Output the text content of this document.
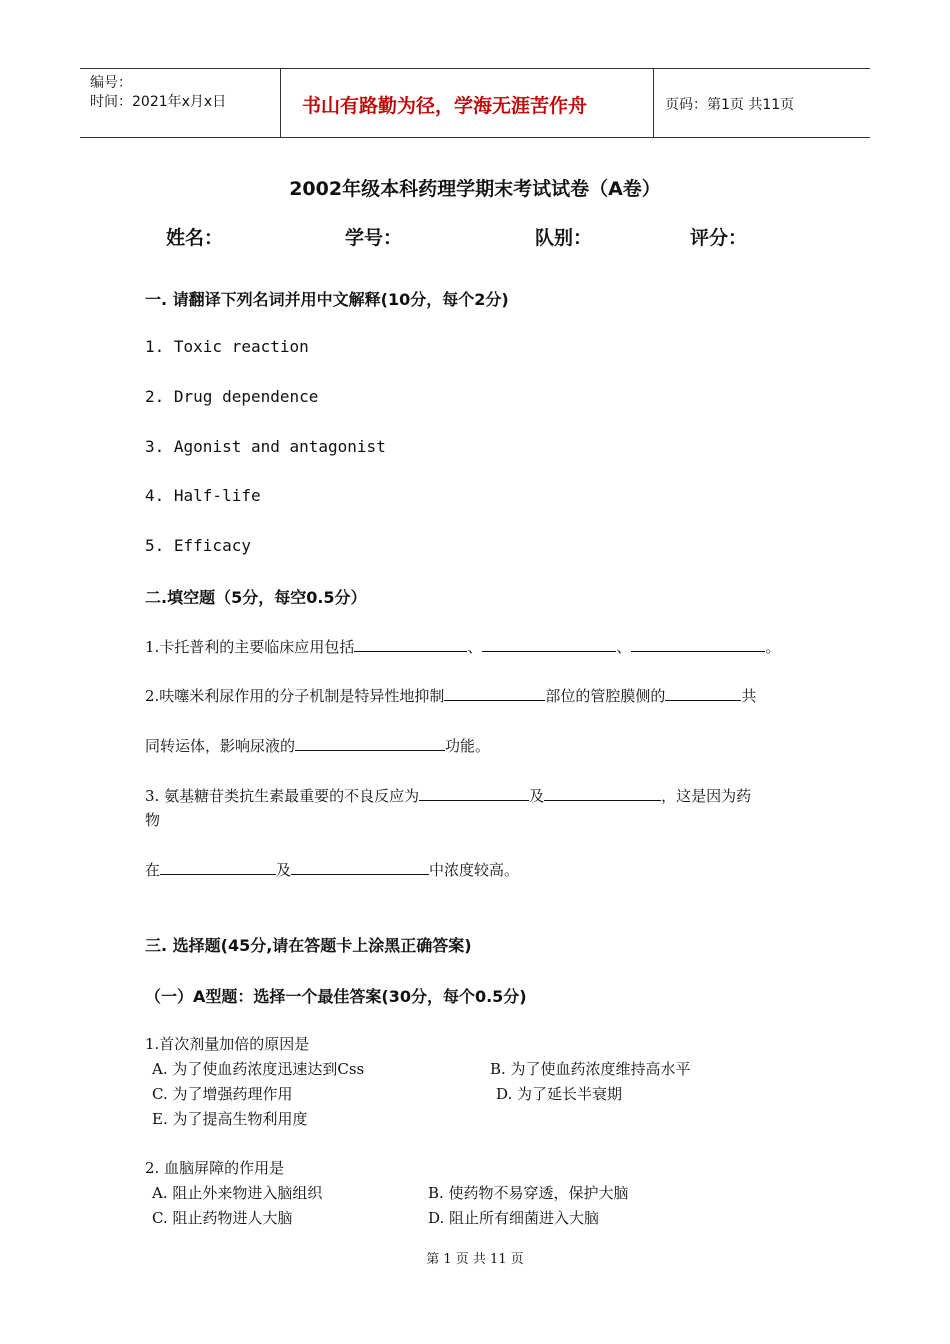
编号：
时间：2021年x月x日	书山有路勤为径，学海无涯苦作舟	页码：第1页 共11页
2002年级本科药理学期末考试试卷（A卷）
姓名：	学号：	队别：	评分：
一. 请翻译下列名词并用中文解释(10分，每个2分)
1. Toxic reaction
2. Drug dependence
3. Agonist and antagonist
4. Half-life
5. Efficacy
二.填空题（5分，每空0.5分）
1.卡托普利的主要临床应用包括	、	、	。
2.呋噻米利尿作用的分子机制是特异性地抑制	部位的管腔膜侧的	共
同转运体，影响尿液的	功能。
3. 氨基糖苷类抗生素最重要的不良反应为	及	，这是因为药
物
在	及	中浓度较高。
三. 选择题(45分,请在答题卡上涂黑正确答案)
（一）A型题：选择一个最佳答案(30分，每个0.5分)
1.首次剂量加倍的原因是
A. 为了使血药浓度迅速达到Css	B. 为了使血药浓度维持高水平
C. 为了增强药理作用	D. 为了延长半衰期
E. 为了提高生物利用度
2. 血脑屏障的作用是
A. 阻止外来物进入脑组织	B. 使药物不易穿透，保护大脑
C. 阻止药物进人大脑	D. 阻止所有细菌进入大脑
第 1 页 共 11 页
